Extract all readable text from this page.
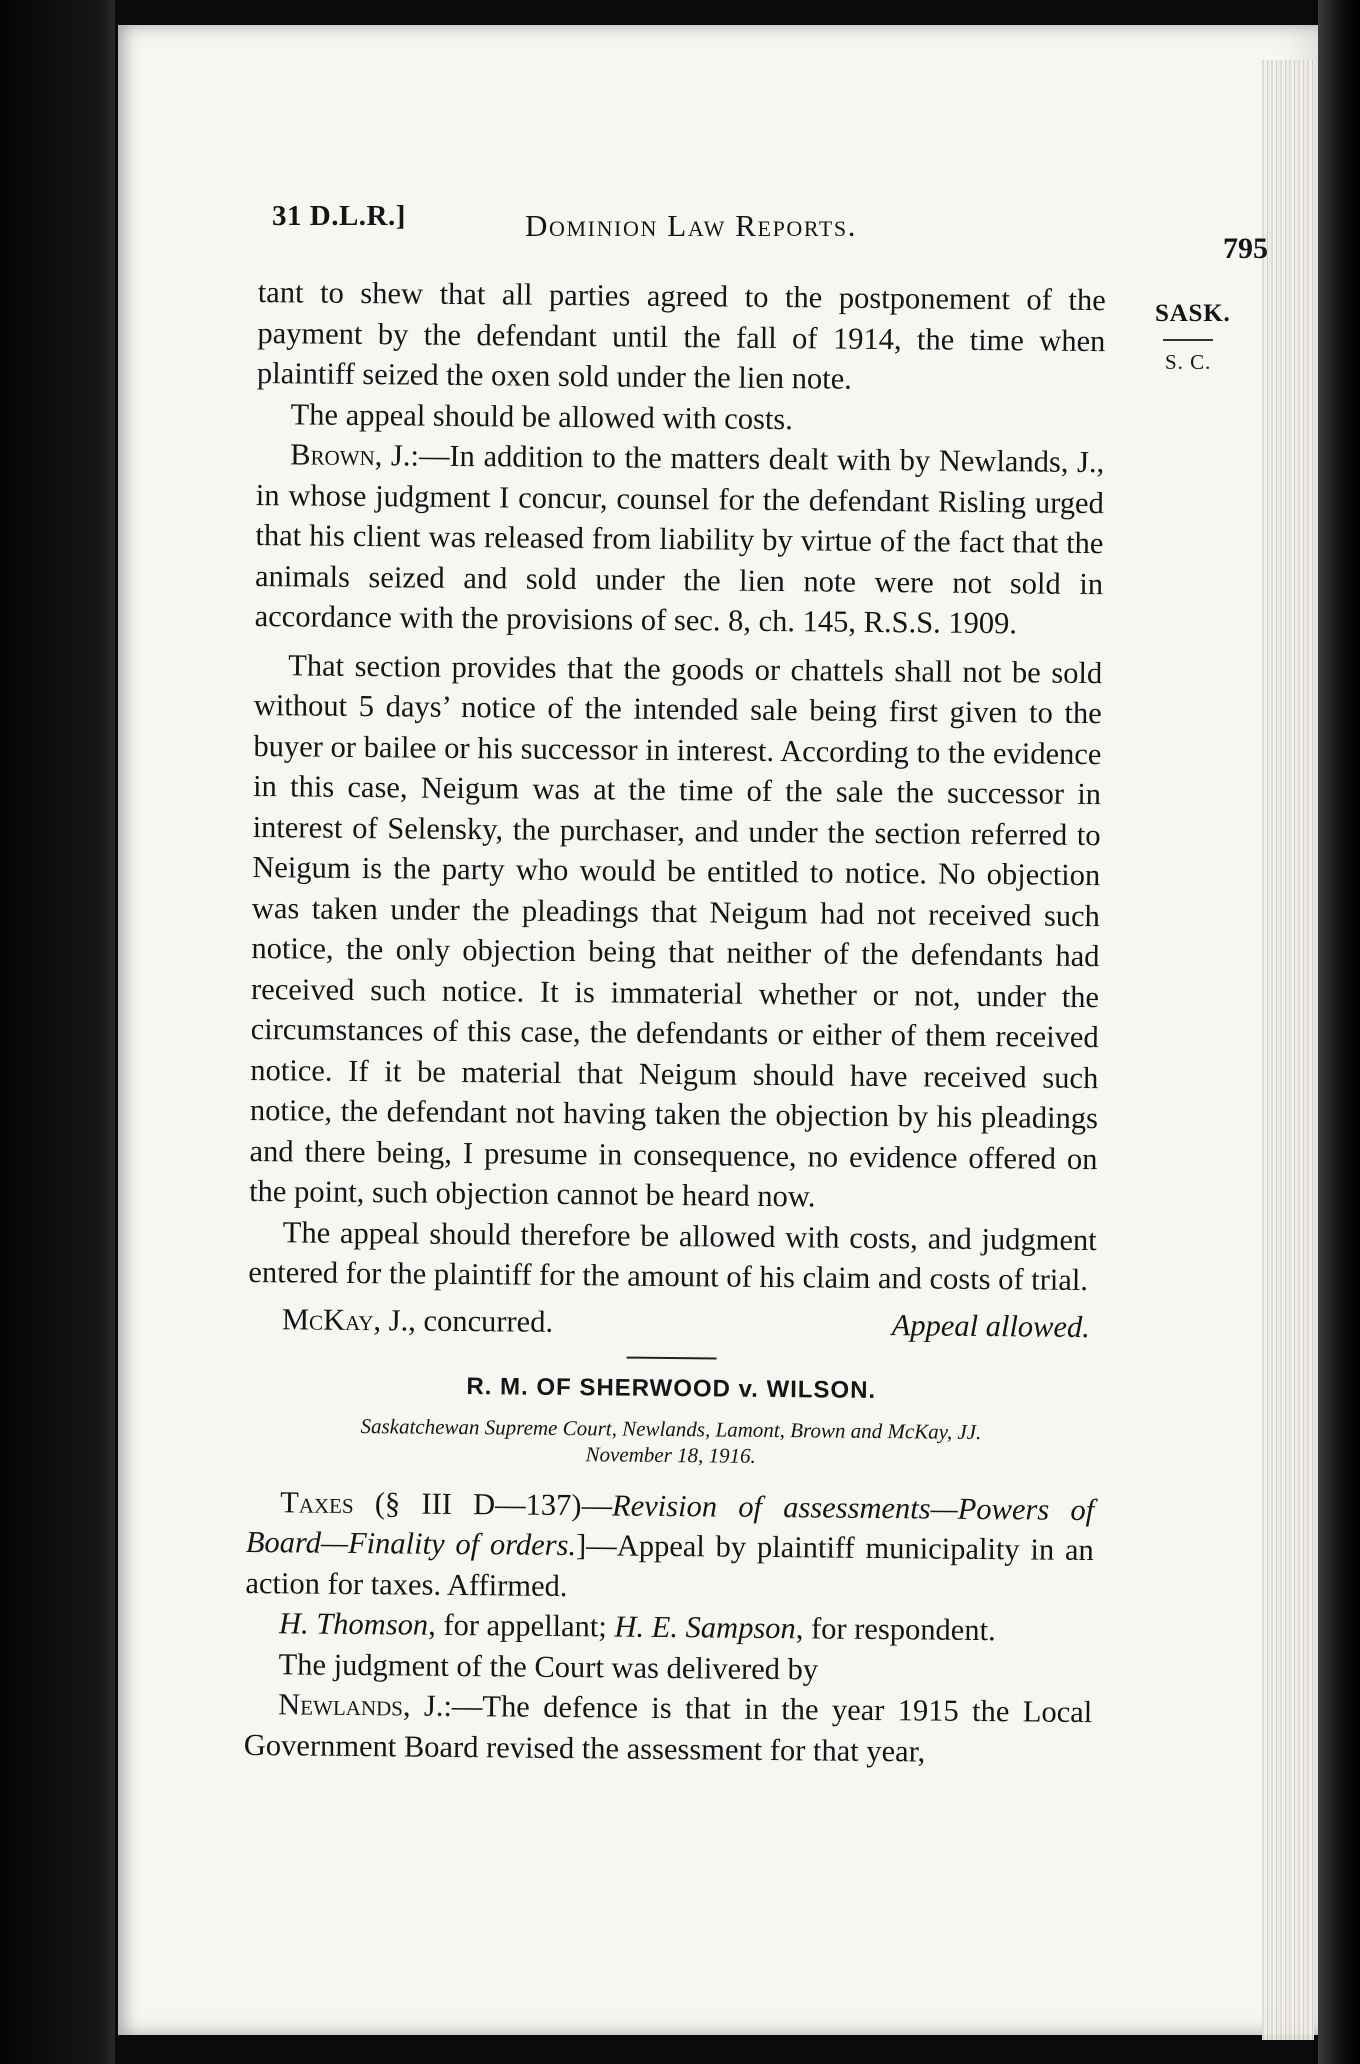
31 D.L.R.]	Dominion Law Reports.
795
SASK.
S. C.

tant to shew that all parties agreed to the postponement of the payment by the defendant until the fall of 1914, the time when plaintiff seized the oxen sold under the lien note.

The appeal should be allowed with costs.

Brown, J.:—In addition to the matters dealt with by Newlands, J., in whose judgment I concur, counsel for the defendant Risling urged that his client was released from liability by virtue of the fact that the animals seized and sold under the lien note were not sold in accordance with the provisions of sec. 8, ch. 145, R.S.S. 1909.

That section provides that the goods or chattels shall not be sold without 5 days’ notice of the intended sale being first given to the buyer or bailee or his successor in interest. According to the evidence in this case, Neigum was at the time of the sale the successor in interest of Selensky, the purchaser, and under the section referred to Neigum is the party who would be entitled to notice. No objection was taken under the pleadings that Neigum had not received such notice, the only objection being that neither of the defendants had received such notice. It is immaterial whether or not, under the circumstances of this case, the defendants or either of them received notice. If it be material that Neigum should have received such notice, the defendant not having taken the objection by his pleadings and there being, I presume in consequence, no evidence offered on the point, such objection cannot be heard now.

The appeal should therefore be allowed with costs, and judgment entered for the plaintiff for the amount of his claim and costs of trial.

McKay, J., concurred.	Appeal allowed.
R. M. OF SHERWOOD v. WILSON.
Saskatchewan Supreme Court, Newlands, Lamont, Brown and McKay, JJ.
November 18, 1916.

Taxes (§ III D—137)—Revision of assessments—Powers of Board—Finality of orders.]—Appeal by plaintiff municipality in an action for taxes. Affirmed.

H. Thomson, for appellant; H. E. Sampson, for respondent.

The judgment of the Court was delivered by

Newlands, J.:—The defence is that in the year 1915 the Local Government Board revised the assessment for that year,
